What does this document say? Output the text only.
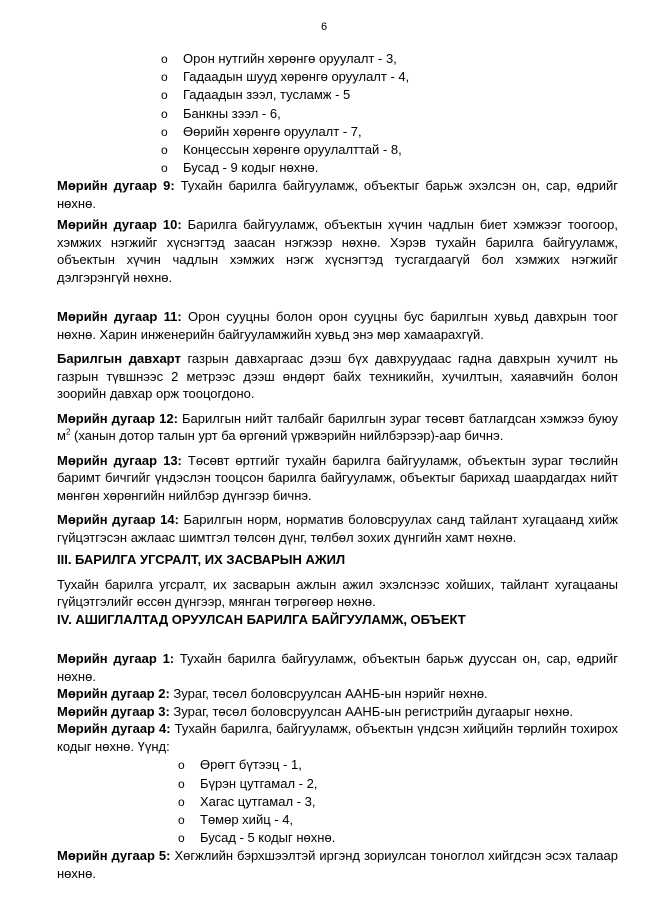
6
o Орон нутгийн хөрөнгө оруулалт - 3,
o Гадаадын шууд хөрөнгө оруулалт - 4,
o Гадаадын зээл, тусламж - 5
o Банкны зээл - 6,
o Өөрийн хөрөнгө оруулалт - 7,
o Концессын хөрөнгө оруулалттай - 8,
o Бусад - 9 кодыг нөхнө.

Мөрийн дугаар 9: Тухайн барилга байгууламж, объектыг барьж эхэлсэн он, сар, өдрийг нөхнө.

Мөрийн дугаар 10: Барилга байгууламж, объектын хүчин чадлын биет хэмжээг тоогоор, хэмжих нэгжийг хүснэгтэд заасан нэгжээр нөхнө. Хэрэв тухайн барилга байгууламж, объектын хүчин чадлын хэмжих нэгж хүснэгтэд тусгагдаагүй бол хэмжих нэгжийг дэлгэрэнгүй нөхнө.

Мөрийн дугаар 11: Орон сууцны болон орон сууцны бус барилгын хувьд давхрын тоог нөхнө. Харин инженерийн байгууламжийн хувьд энэ мөр хамаарахгүй.

Барилгын давхарт газрын давхаргаас дээш бүх давхруудаас гадна давхрын хучилт нь газрын түвшнээс 2 метрээс дээш өндөрт байх техникийн, хучилтын, хаяавчийн болон зоорийн давхар орж тооцогдоно.

Мөрийн дугаар 12: Барилгын нийт талбайг барилгын зураг төсөвт батлагдсан хэмжээ буюу $м^2$ (ханын дотор талын урт ба өргөний үржвэрийн нийлбэрээр)-аар бичнэ.

Мөрийн дугаар 13: Төсөвт өртгийг тухайн барилга байгууламж, объектын зураг төслийн баримт бичгийг үндэслэн тооцсон барилга байгууламж, объектыг барихад шаардагдах нийт мөнгөн хөрөнгийн нийлбэр дүнгээр бичнэ.

Мөрийн дугаар 14: Барилгын норм, норматив боловсруулах санд тайлант хугацаанд хийж гүйцэтгэсэн ажлаас шимтгэл төлсөн дүнг, төлбөл зохих дүнгийн хамт нөхнө.

III. БАРИЛГА УГСРАЛТ, ИХ ЗАСВАРЫН АЖИЛ

Тухайн барилга угсралт, их засварын ажлын ажил эхэлснээс хойших, тайлант хугацааны гүйцэтгэлийг өссөн дүнгээр, мянган төгрөгөөр нөхнө.

IV. АШИГЛАЛТАД ОРУУЛСАН БАРИЛГА БАЙГУУЛАМЖ, ОБЪЕКТ

Мөрийн дугаар 1: Тухайн барилга байгууламж, объектын барьж дууссан он, сар, өдрийг нөхнө.

Мөрийн дугаар 2: Зураг, төсөл боловсруулсан ААНБ-ын нэрийг нөхнө.

Мөрийн дугаар 3: Зураг, төсөл боловсруулсан ААНБ-ын регистрийн дугаарыг нөхнө.

Мөрийн дугаар 4: Тухайн барилга, байгууламж, объектын үндсэн хийцийн төрлийн тохирох кодыг нөхнө. Үүнд:

o Өрөгт бүтээц - 1,
o Бүрэн цутгамал - 2,
o Хагас цутгамал - 3,
o Төмөр хийц - 4,
o Бусад - 5 кодыг нөхнө.

Мөрийн дугаар 5: Хөгжлийн бэрхшээлтэй иргэнд зориулсан тоноглол хийгдсэн эсэх талаар нөхнө.
